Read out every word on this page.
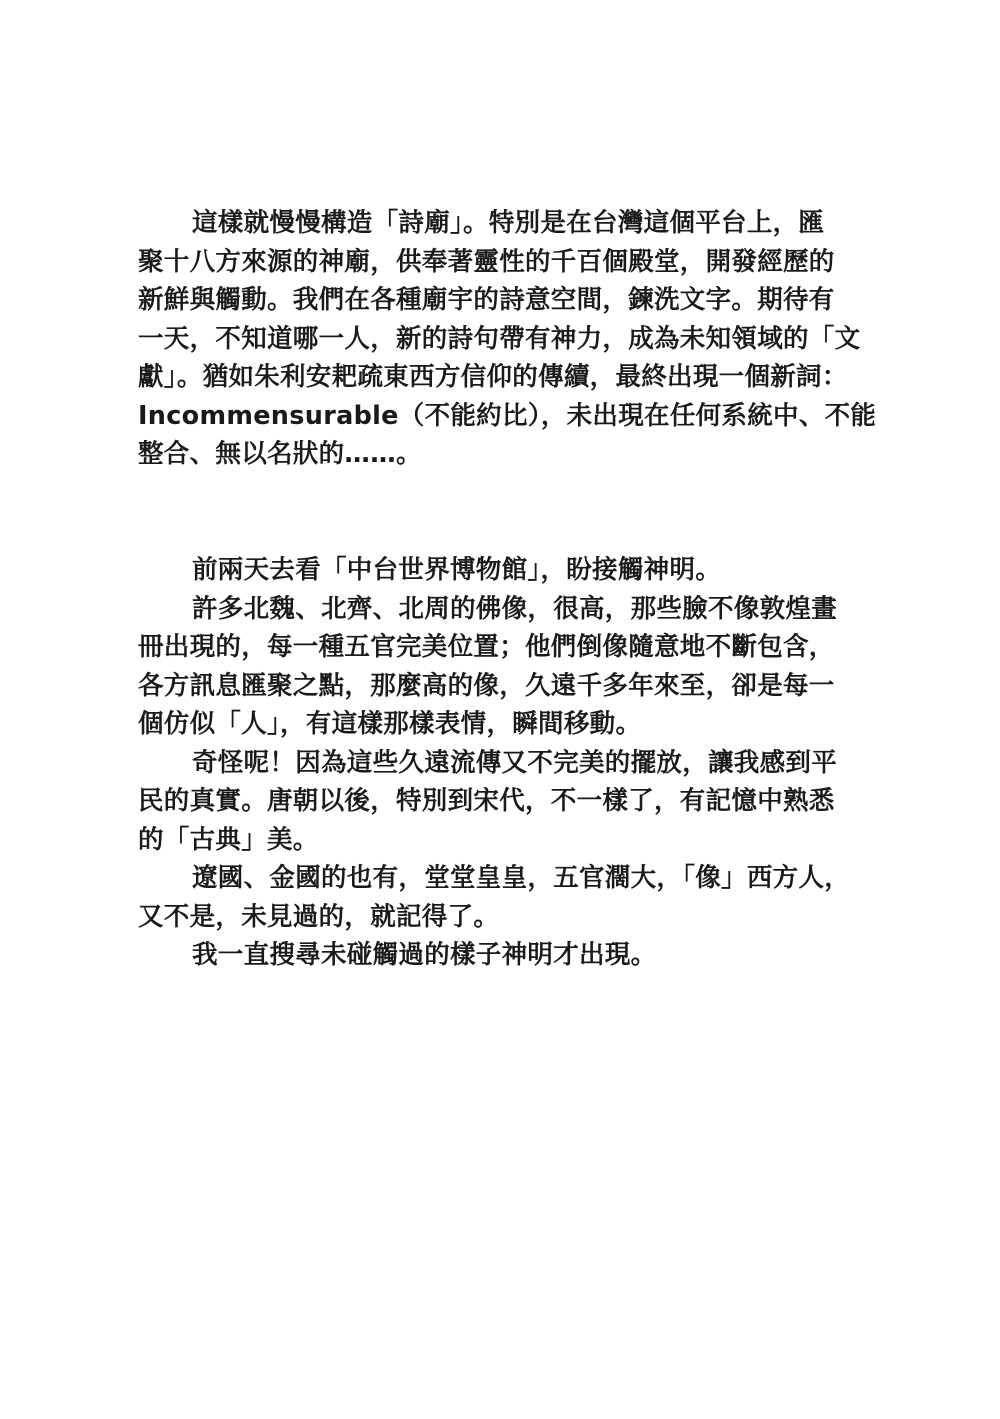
這樣就慢慢構造「詩廟」。特別是在台灣這個平台上，匯
聚十八方來源的神廟，供奉著靈性的千百個殿堂，開發經歷的
新鮮與觸動。我們在各種廟宇的詩意空間，鍊洗文字。期待有
一天，不知道哪一人，新的詩句帶有神力，成為未知領域的「文
獻」。猶如朱利安耙疏東西方信仰的傳續，最終出現一個新詞：
Incommensurable（不能約比），未出現在任何系統中、不能
整合、無以名狀的……。
前兩天去看「中台世界博物館」，盼接觸神明。
許多北魏、北齊、北周的佛像，很高，那些臉不像敦煌畫
冊出現的，每一種五官完美位置；他們倒像隨意地不斷包含，
各方訊息匯聚之點，那麼高的像，久遠千多年來至，卻是每一
個仿似「人」，有這樣那樣表情，瞬間移動。
奇怪呢！因為這些久遠流傳又不完美的擺放，讓我感到平
民的真實。唐朝以後，特別到宋代，不一樣了，有記憶中熟悉
的「古典」美。
遼國、金國的也有，堂堂皇皇，五官濶大，「像」西方人，
又不是，未見過的，就記得了。
我一直搜尋未碰觸過的樣子神明才出現。
